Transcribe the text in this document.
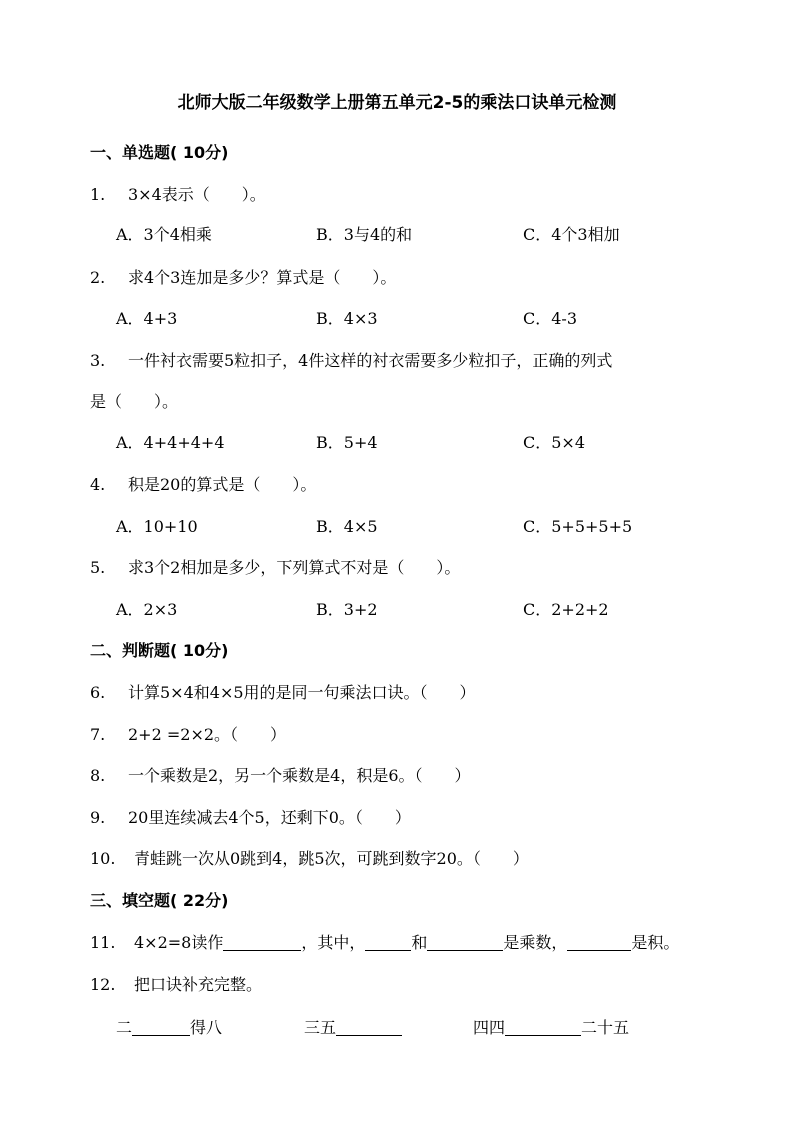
北师大版二年级数学上册第五单元2-5的乘法口诀单元检测
一、单选题( 10分)
1. 3×4表示（　　）。
A．3个4相乘	B．3与4的和	C．4个3相加
2. 求4个3连加是多少？算式是（　　）。
A．4+3	B．4×3	C．4-3
3. 一件衬衣需要5粒扣子，4件这样的衬衣需要多少粒扣子，正确的列式
是（　　）。
A．4+4+4+4	B．5+4	C．5×4
4. 积是20的算式是（　　）。
A．10+10	B．4×5	C．5+5+5+5
5. 求3个2相加是多少，下列算式不对是（　　）。
A．2×3	B．3+2	C．2+2+2
二、判断题( 10分)
6. 计算5×4和4×5用的是同一句乘法口诀。（　　）
7. 2+2 =2×2。（　　）
8. 一个乘数是2，另一个乘数是4，积是6。（　　）
9. 20里连续减去4个5，还剩下0。（　　）
10. 青蛙跳一次从0跳到4，跳5次，可跳到数字20。（　　）
三、填空题( 22分)
11. 4×2=8读作	，其中，	和	是乘数，	是积。
12. 把口诀补充完整。
二	得八	三五	四四	二十五
